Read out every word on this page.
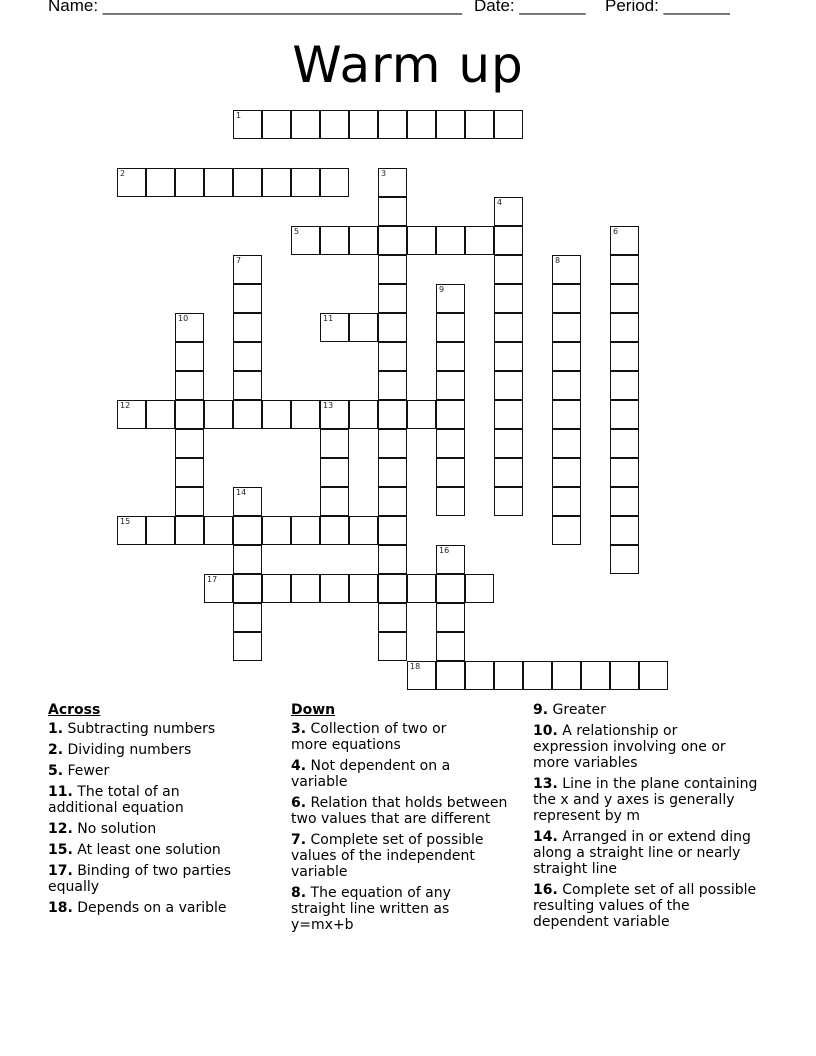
Name: ______________________________________ Date: _______ Period: _______
Warm up
1
2	3
4
5	6
7	8
9
10	11
12	13
14
15
16
17
18
Across
1. Subtracting numbers
2. Dividing numbers
5. Fewer
11. The total of an additional equation
12. No solution
15. At least one solution
17. Binding of two parties equally
18. Depends on a varible
Down
3. Collection of two or more equations
4. Not dependent on a variable
6. Relation that holds between two values that are different
7. Complete set of possible values of the independent variable
8. The equation of any straight line written as y=mx+b
9. Greater
10. A relationship or expression involving one or more variables
13. Line in the plane containing the x and y axes is generally represent by m
14. Arranged in or extend ding along a straight line or nearly straight line
16. Complete set of all possible resulting values of the dependent variable
